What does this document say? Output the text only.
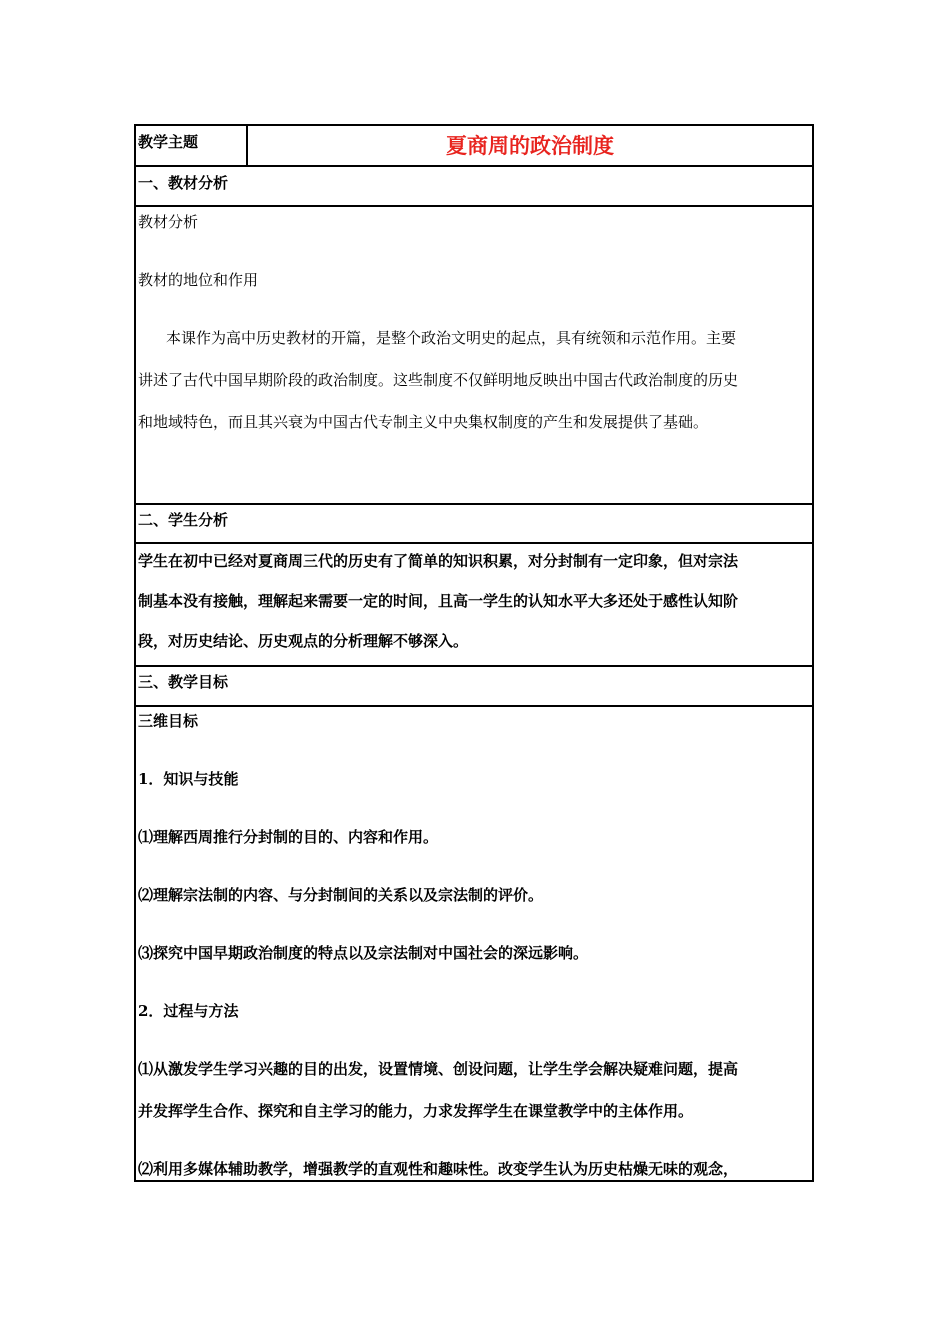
教学主题	夏商周的政治制度
一、教材分析
教材分析
教材的地位和作用
本课作为高中历史教材的开篇，是整个政治文明史的起点，具有统领和示范作用。主要
讲述了古代中国早期阶段的政治制度。这些制度不仅鲜明地反映出中国古代政治制度的历史
和地域特色，而且其兴衰为中国古代专制主义中央集权制度的产生和发展提供了基础。
二、学生分析
学生在初中已经对夏商周三代的历史有了简单的知识积累，对分封制有一定印象，但对宗法
制基本没有接触，理解起来需要一定的时间，且高一学生的认知水平大多还处于感性认知阶
段，对历史结论、历史观点的分析理解不够深入。
三、教学目标
三维目标
1．知识与技能
⑴理解西周推行分封制的目的、内容和作用。
⑵理解宗法制的内容、与分封制间的关系以及宗法制的评价。
⑶探究中国早期政治制度的特点以及宗法制对中国社会的深远影响。
2．过程与方法
⑴从激发学生学习兴趣的目的出发，设置情境、创设问题，让学生学会解决疑难问题，提高
并发挥学生合作、探究和自主学习的能力，力求发挥学生在课堂教学中的主体作用。
⑵利用多媒体辅助教学，增强教学的直观性和趣味性。改变学生认为历史枯燥无味的观念，
